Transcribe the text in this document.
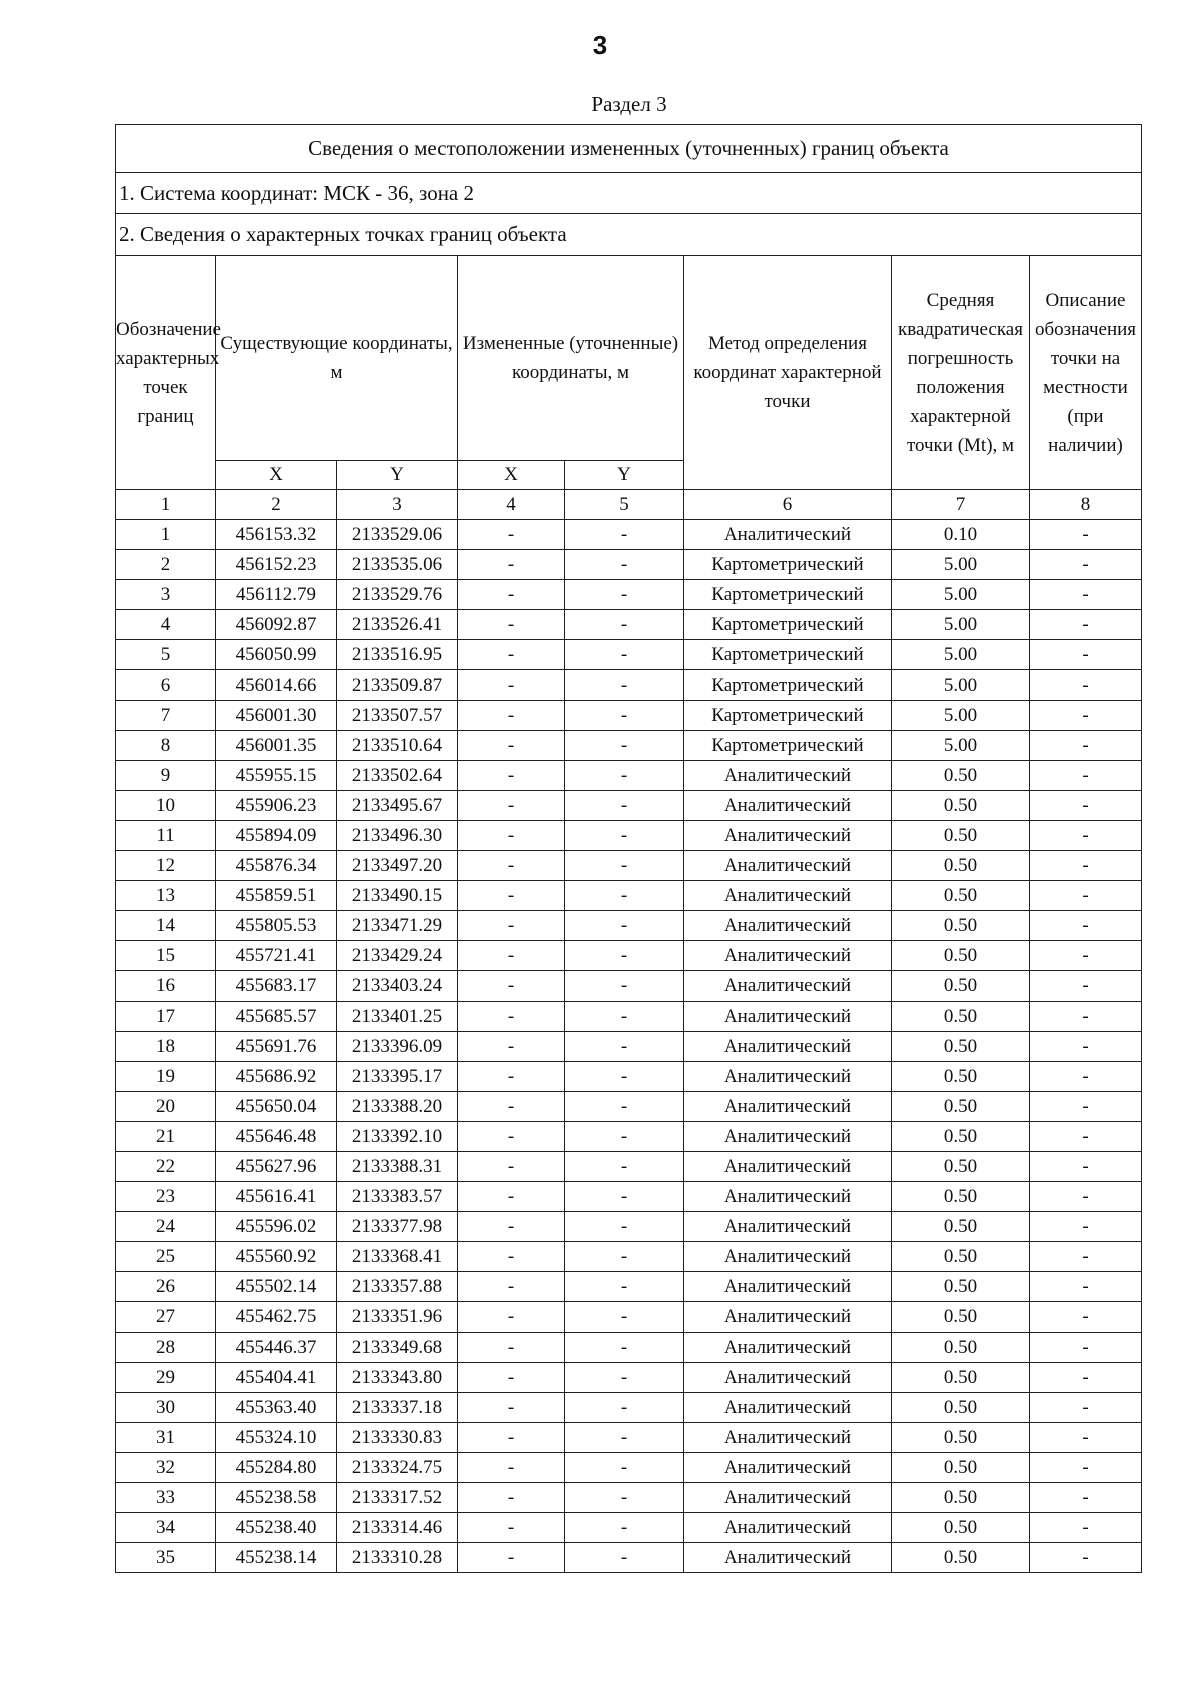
3
Раздел 3
Сведения о местоположении измененных (уточненных) границ объекта							
1. Система координат: МСК - 36, зона 2							
2. Сведения о характерных точках границ объекта							
Обозначение характерных точек границ	Существующие координаты, м		Измененные (уточненные) координаты, м		Метод определения координат характерной точки	Средняя квадратическая погрешность положения характерной точки (Mt), м	Описание обозначения точки на местности (при наличии)
	X	Y	X	Y			
1	2	3	4	5	6	7	8
1	456153.32	2133529.06	-	-	Аналитический	0.10	-
2	456152.23	2133535.06	-	-	Картометрический	5.00	-
3	456112.79	2133529.76	-	-	Картометрический	5.00	-
4	456092.87	2133526.41	-	-	Картометрический	5.00	-
5	456050.99	2133516.95	-	-	Картометрический	5.00	-
6	456014.66	2133509.87	-	-	Картометрический	5.00	-
7	456001.30	2133507.57	-	-	Картометрический	5.00	-
8	456001.35	2133510.64	-	-	Картометрический	5.00	-
9	455955.15	2133502.64	-	-	Аналитический	0.50	-
10	455906.23	2133495.67	-	-	Аналитический	0.50	-
11	455894.09	2133496.30	-	-	Аналитический	0.50	-
12	455876.34	2133497.20	-	-	Аналитический	0.50	-
13	455859.51	2133490.15	-	-	Аналитический	0.50	-
14	455805.53	2133471.29	-	-	Аналитический	0.50	-
15	455721.41	2133429.24	-	-	Аналитический	0.50	-
16	455683.17	2133403.24	-	-	Аналитический	0.50	-
17	455685.57	2133401.25	-	-	Аналитический	0.50	-
18	455691.76	2133396.09	-	-	Аналитический	0.50	-
19	455686.92	2133395.17	-	-	Аналитический	0.50	-
20	455650.04	2133388.20	-	-	Аналитический	0.50	-
21	455646.48	2133392.10	-	-	Аналитический	0.50	-
22	455627.96	2133388.31	-	-	Аналитический	0.50	-
23	455616.41	2133383.57	-	-	Аналитический	0.50	-
24	455596.02	2133377.98	-	-	Аналитический	0.50	-
25	455560.92	2133368.41	-	-	Аналитический	0.50	-
26	455502.14	2133357.88	-	-	Аналитический	0.50	-
27	455462.75	2133351.96	-	-	Аналитический	0.50	-
28	455446.37	2133349.68	-	-	Аналитический	0.50	-
29	455404.41	2133343.80	-	-	Аналитический	0.50	-
30	455363.40	2133337.18	-	-	Аналитический	0.50	-
31	455324.10	2133330.83	-	-	Аналитический	0.50	-
32	455284.80	2133324.75	-	-	Аналитический	0.50	-
33	455238.58	2133317.52	-	-	Аналитический	0.50	-
34	455238.40	2133314.46	-	-	Аналитический	0.50	-
35	455238.14	2133310.28	-	-	Аналитический	0.50	-
